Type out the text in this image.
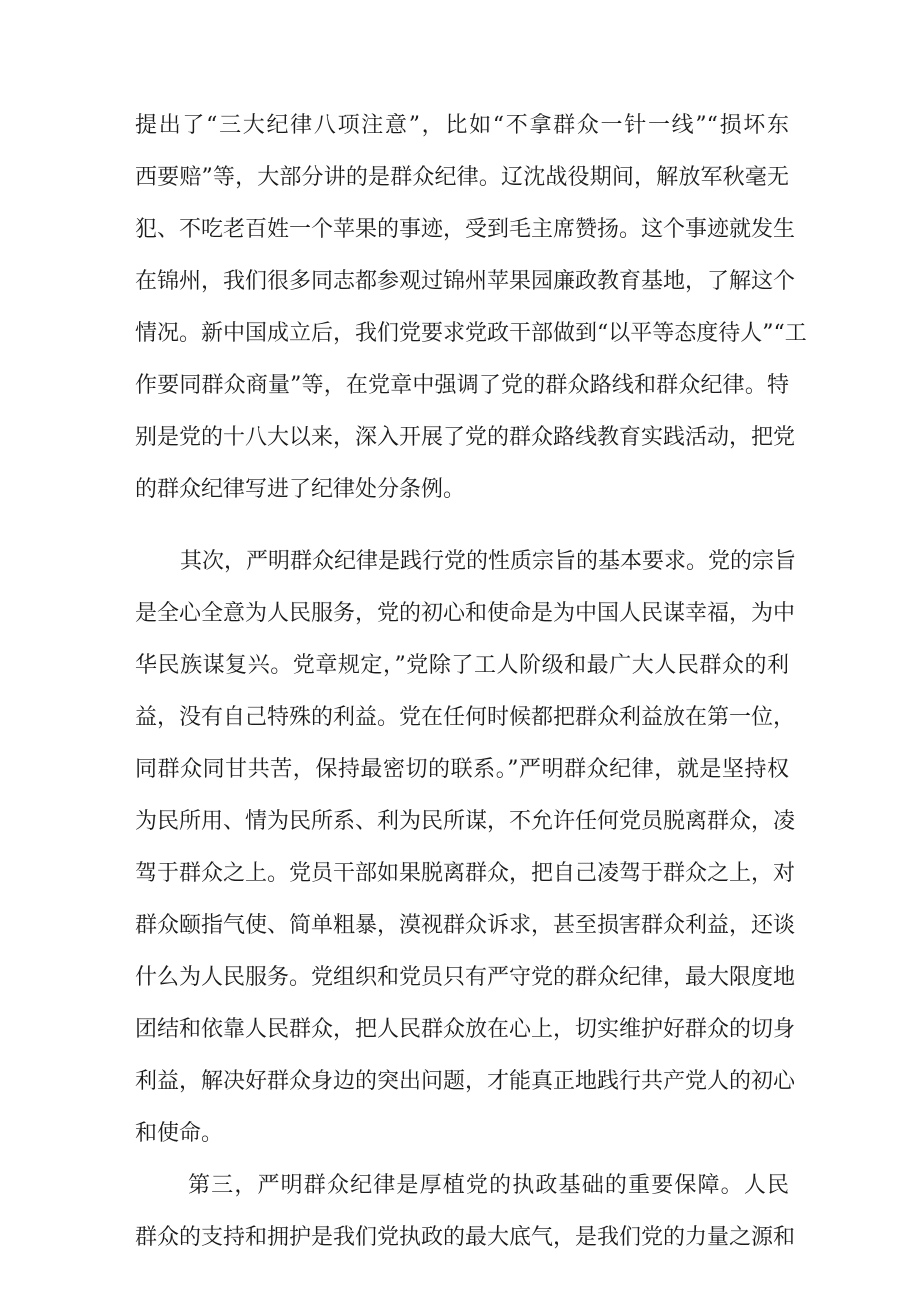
提出了“三大纪律八项注意”，比如“不拿群众一针一线”“损坏东
西要赔”等，大部分讲的是群众纪律。辽沈战役期间，解放军秋毫无
犯、不吃老百姓一个苹果的事迹，受到毛主席赞扬。这个事迹就发生
在锦州，我们很多同志都参观过锦州苹果园廉政教育基地，了解这个
情况。新中国成立后，我们党要求党政干部做到“以平等态度待人”“工
作要同群众商量”等，在党章中强调了党的群众路线和群众纪律。特
别是党的十八大以来，深入开展了党的群众路线教育实践活动，把党
的群众纪律写进了纪律处分条例。
其次，严明群众纪律是践行党的性质宗旨的基本要求。党的宗旨
是全心全意为人民服务，党的初心和使命是为中国人民谋幸福，为中
华民族谋复兴。党章规定，”党除了工人阶级和最广大人民群众的利
益，没有自己特殊的利益。党在任何时候都把群众利益放在第一位，
同群众同甘共苦，保持最密切的联系。”严明群众纪律，就是坚持权
为民所用、情为民所系、利为民所谋，不允许任何党员脱离群众，凌
驾于群众之上。党员干部如果脱离群众，把自己凌驾于群众之上，对
群众颐指气使、简单粗暴，漠视群众诉求，甚至损害群众利益，还谈
什么为人民服务。党组织和党员只有严守党的群众纪律，最大限度地
团结和依靠人民群众，把人民群众放在心上，切实维护好群众的切身
利益，解决好群众身边的突出问题，才能真正地践行共产党人的初心
和使命。
第三，严明群众纪律是厚植党的执政基础的重要保障。人民
群众的支持和拥护是我们党执政的最大底气，是我们党的力量之源和
